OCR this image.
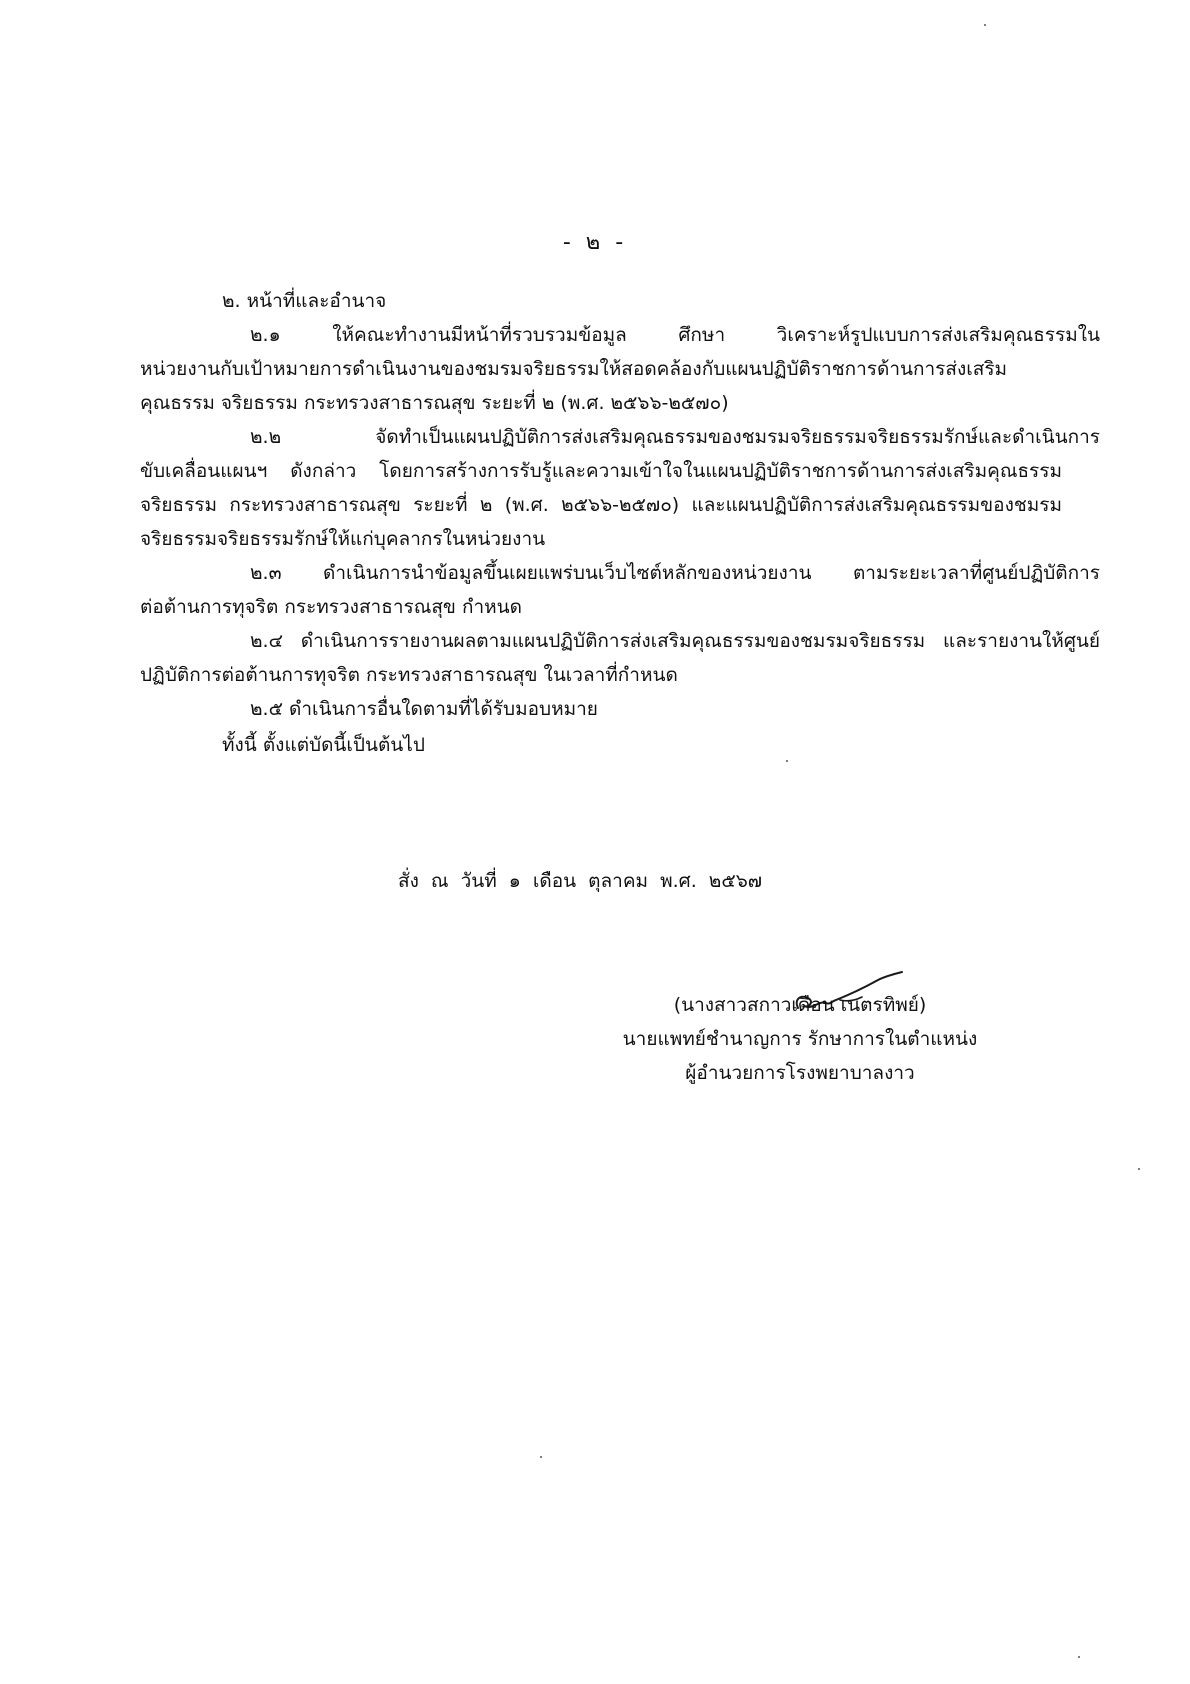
- ๒ -
๒. หน้าที่และอำนาจ
๒.๑ ให้คณะทำงานมีหน้าที่รวบรวมข้อมูล ศึกษา วิเคราะห์รูปแบบการส่งเสริมคุณธรรมใน
หน่วยงานกับเป้าหมายการดำเนินงานของชมรมจริยธรรมให้สอดคล้องกับแผนปฏิบัติราชการด้านการส่งเสริม
คุณธรรม จริยธรรม กระทรวงสาธารณสุข ระยะที่ ๒ (พ.ศ. ๒๕๖๖-๒๕๗๐)
๒.๒ จัดทำเป็นแผนปฏิบัติการส่งเสริมคุณธรรมของชมรมจริยธรรมจริยธรรมรักษ์และดำเนินการ
ขับเคลื่อนแผนฯ ดังกล่าว โดยการสร้างการรับรู้และความเข้าใจในแผนปฏิบัติราชการด้านการส่งเสริมคุณธรรม
จริยธรรม กระทรวงสาธารณสุข ระยะที่ ๒ (พ.ศ. ๒๕๖๖-๒๕๗๐) และแผนปฏิบัติการส่งเสริมคุณธรรมของชมรม
จริยธรรมจริยธรรมรักษ์ให้แก่บุคลากรในหน่วยงาน
๒.๓ ดำเนินการนำข้อมูลขึ้นเผยแพร่บนเว็บไซต์หลักของหน่วยงาน ตามระยะเวลาที่ศูนย์ปฏิบัติการ
ต่อต้านการทุจริต กระทรวงสาธารณสุข กำหนด
๒.๔ ดำเนินการรายงานผลตามแผนปฏิบัติการส่งเสริมคุณธรรมของชมรมจริยธรรม และรายงานให้ศูนย์
ปฏิบัติการต่อต้านการทุจริต กระทรวงสาธารณสุข ในเวลาที่กำหนด
๒.๕ ดำเนินการอื่นใดตามที่ได้รับมอบหมาย
ทั้งนี้ ตั้งแต่บัดนี้เป็นต้นไป
สั่ง ณ วันที่ ๑ เดือน ตุลาคม พ.ศ. ๒๕๖๗
(นางสาวสกาวเดือน เนตรทิพย์)
นายแพทย์ชำนาญการ รักษาการในตำแหน่ง
ผู้อำนวยการโรงพยาบาลงาว
